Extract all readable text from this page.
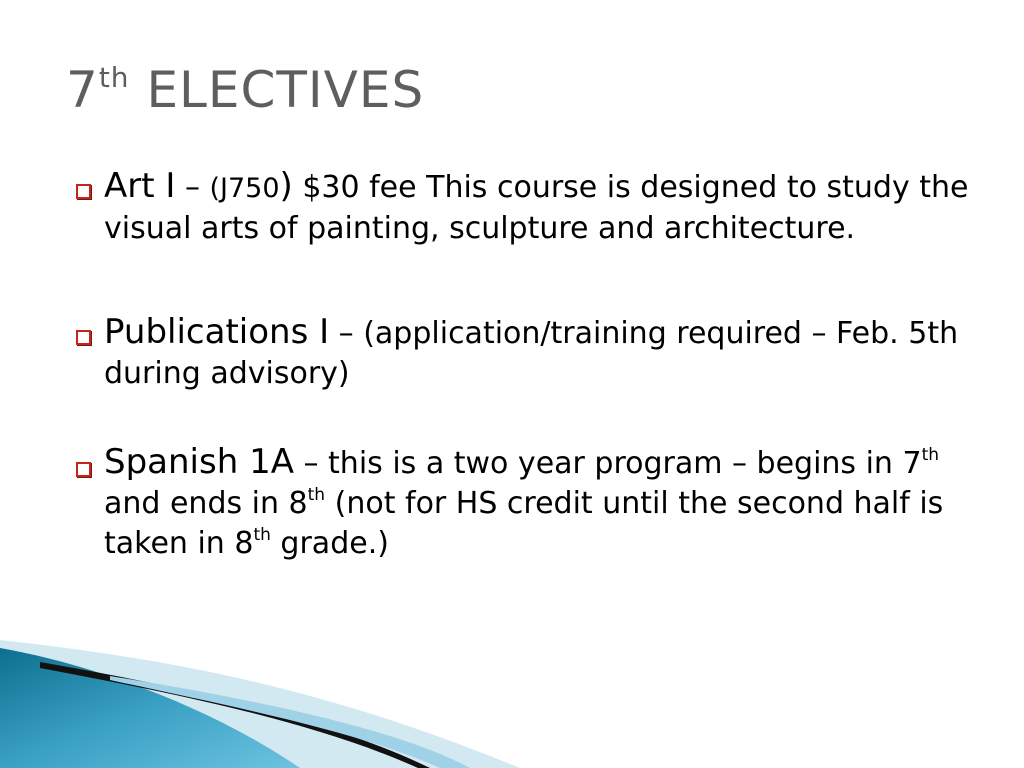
7th ELECTIVES
Art I – (J750) $30 fee This course is designed to study the visual arts of painting, sculpture and architecture.
Publications I – (application/training required – Feb. 5th during advisory)
Spanish 1A – this is a two year program – begins in 7th and ends in 8th (not for HS credit until the second half is taken in 8th grade.)
